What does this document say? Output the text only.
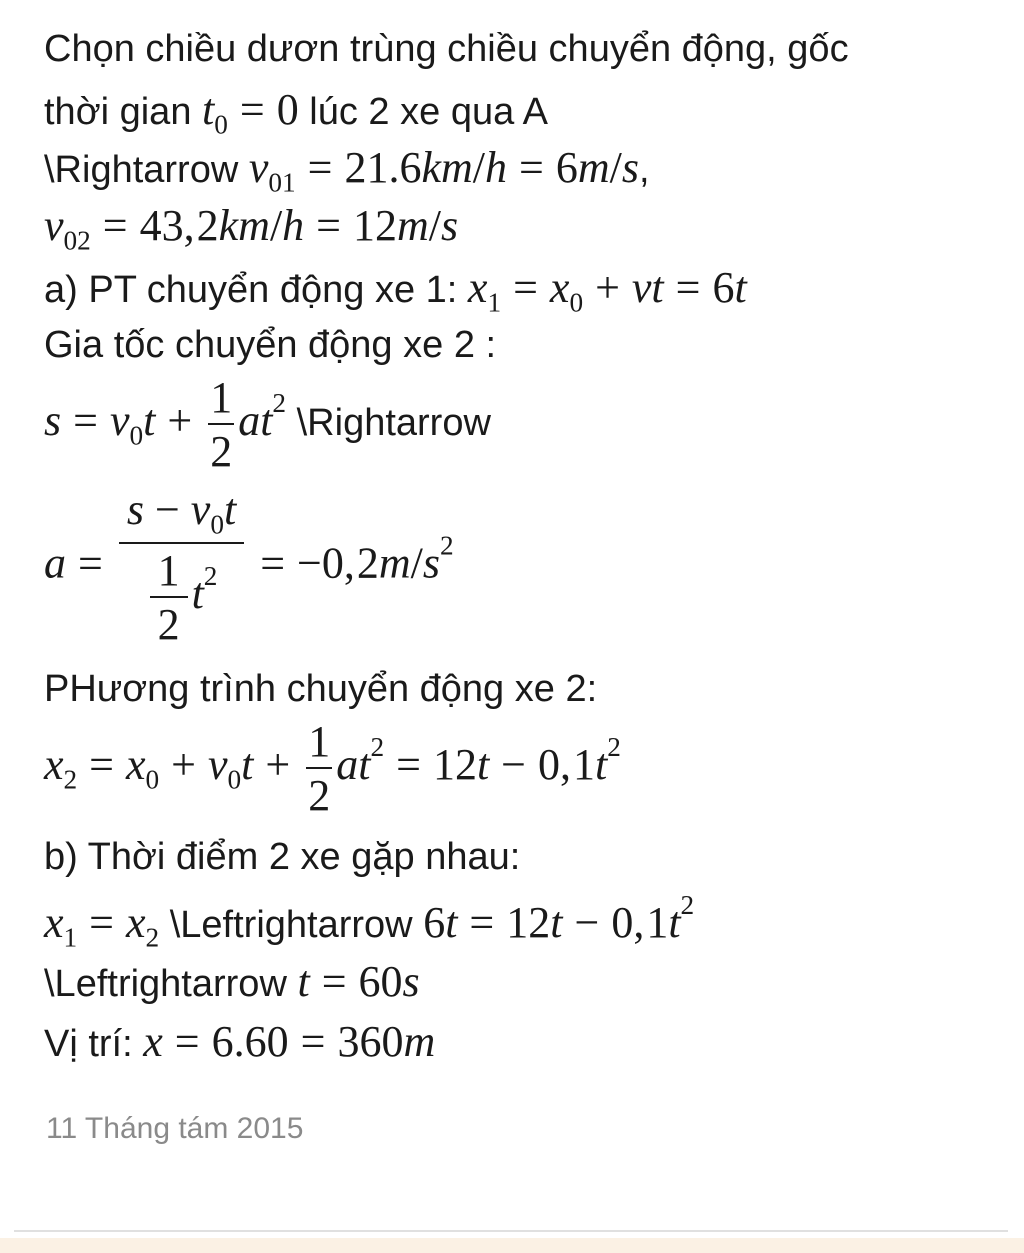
Chọn chiều dươn trùng chiều chuyển động, gốc
thời gian $t_0 = 0$ lúc 2 xe qua A
\Rightarrow $v_{01} = 21.6km/h = 6m/s$,
$v_{02} = 43,2km/h = 12m/s$
a) PT chuyển động xe 1: $x_1 = x_0$ + vt = 6t
Gia tốc chuyển động xe 2 :
$s = v_0t + \frac{1}{2} at^2$ \Rightarrow
$a = \frac{s - v_0t}{\frac{1}{2} t^2} = -0,2m/s^2$
PHương trình chuyển động xe 2:
$x_2 = x_0 + v_0t + \frac{1}{2} at^2 = 12t - 0,1t^2$
b) Thời điểm 2 xe gặp nhau:
$x_1 = x_2$ \Leftrightarrow $6t = 12t - 0,1t^2$
\Leftrightarrow t = 60s
Vị trí: x = 6.60 = 360m
11 Tháng tám 2015
